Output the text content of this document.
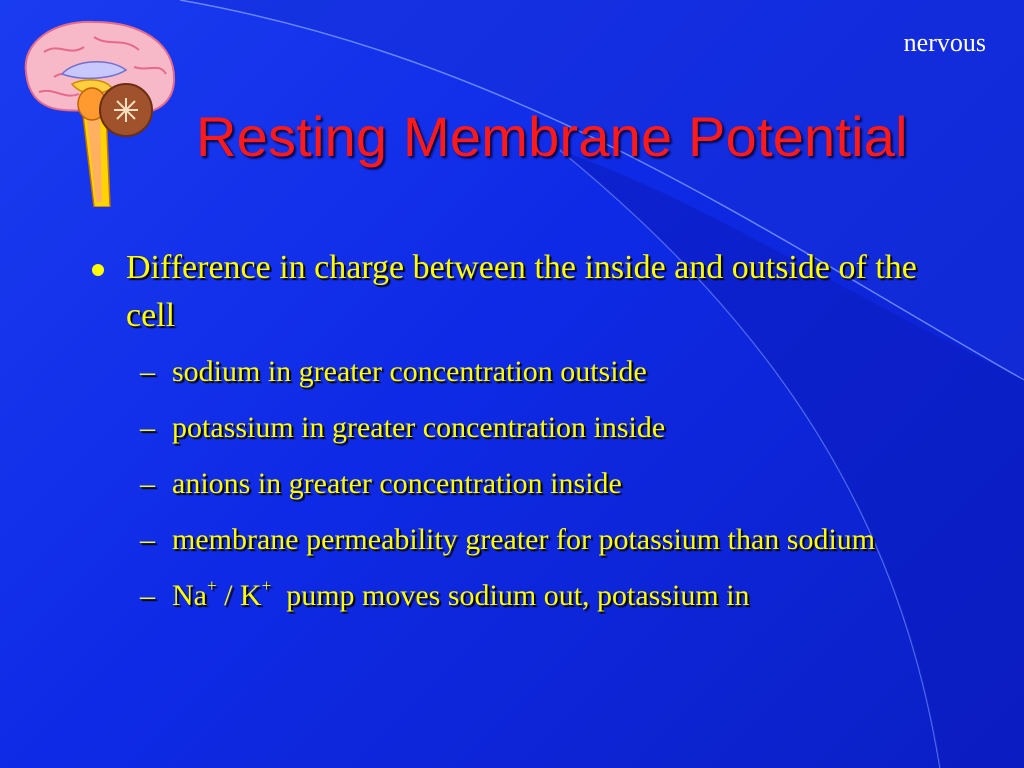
nervous
Resting Membrane Potential
Difference in charge between the inside and outside of the cell
– sodium in greater concentration outside
– potassium in greater concentration inside
– anions in greater concentration inside
– membrane permeability greater for potassium than sodium
– Na+ / K+ pump moves sodium out, potassium in
